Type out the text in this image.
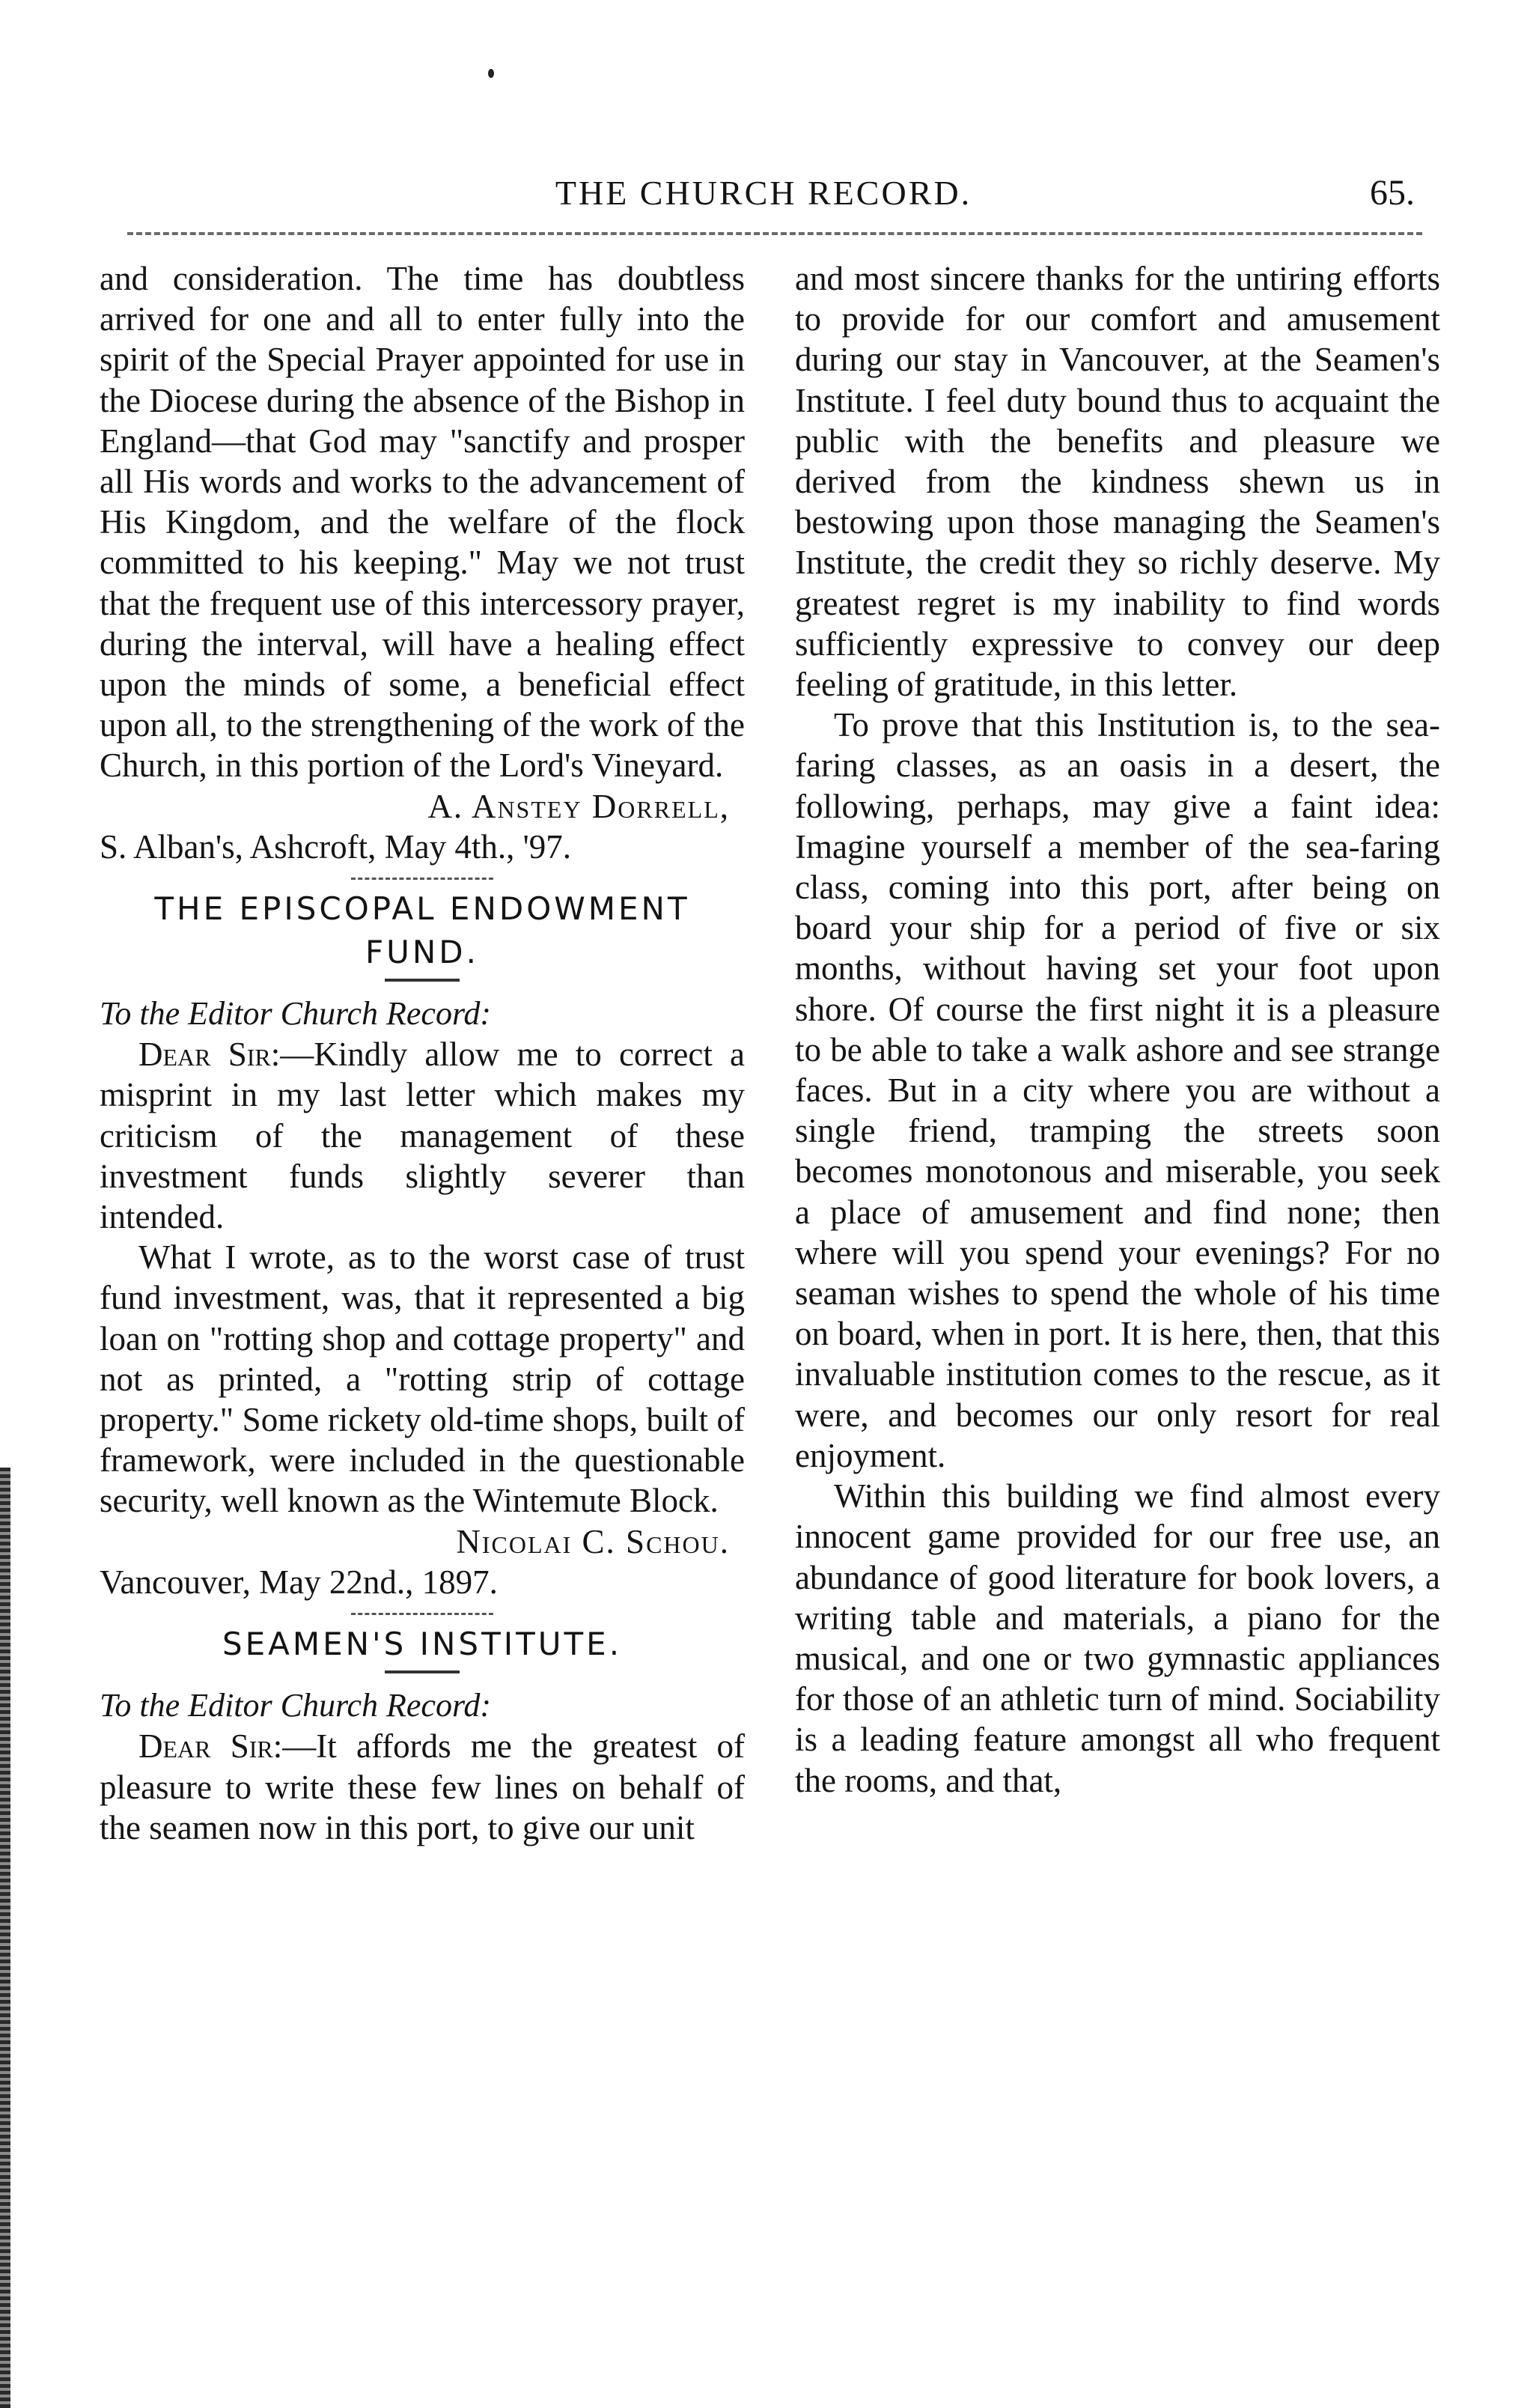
THE CHURCH RECORD.	65.

and consideration. The time has doubtless arrived for one and all to enter fully into the spirit of the Special Prayer appointed for use in the Diocese during the absence of the Bishop in England—that God may "sanctify and prosper all His words and works to the advancement of His Kingdom, and the welfare of the flock committed to his keeping." May we not trust that the frequent use of this intercessory prayer, during the interval, will have a healing effect upon the minds of some, a beneficial effect upon all, to the strengthening of the work of the Church, in this portion of the Lord's Vineyard.

A. Anstey Dorrell,

S. Alban's, Ashcroft, May 4th., '97.

THE EPISCOPAL ENDOWMENT FUND.

To the Editor Church Record:

Dear Sir:—Kindly allow me to correct a misprint in my last letter which makes my criticism of the management of these investment funds slightly severer than intended.

What I wrote, as to the worst case of trust fund investment, was, that it represented a big loan on "rotting shop and cottage property" and not as printed, a "rotting strip of cottage property." Some rickety old-time shops, built of framework, were included in the questionable security, well known as the Wintemute Block.

Nicolai C. Schou.

Vancouver, May 22nd., 1897.

SEAMEN'S INSTITUTE.

To the Editor Church Record:

Dear Sir:—It affords me the greatest of pleasure to write these few lines on behalf of the seamen now in this port, to give our unit

and most sincere thanks for the untiring efforts to provide for our comfort and amusement during our stay in Vancouver, at the Seamen's Institute. I feel duty bound thus to acquaint the public with the benefits and pleasure we derived from the kindness shewn us in bestowing upon those managing the Seamen's Institute, the credit they so richly deserve. My greatest regret is my inability to find words sufficiently expressive to convey our deep feeling of gratitude, in this letter.

To prove that this Institution is, to the sea-faring classes, as an oasis in a desert, the following, perhaps, may give a faint idea: Imagine yourself a member of the sea-faring class, coming into this port, after being on board your ship for a period of five or six months, without having set your foot upon shore. Of course the first night it is a pleasure to be able to take a walk ashore and see strange faces. But in a city where you are without a single friend, tramping the streets soon becomes monotonous and miserable, you seek a place of amusement and find none; then where will you spend your evenings? For no seaman wishes to spend the whole of his time on board, when in port. It is here, then, that this invaluable institution comes to the rescue, as it were, and becomes our only resort for real enjoyment.

Within this building we find almost every innocent game provided for our free use, an abundance of good literature for book lovers, a writing table and materials, a piano for the musical, and one or two gymnastic appliances for those of an athletic turn of mind. Sociability is a leading feature amongst all who frequent the rooms, and that,
